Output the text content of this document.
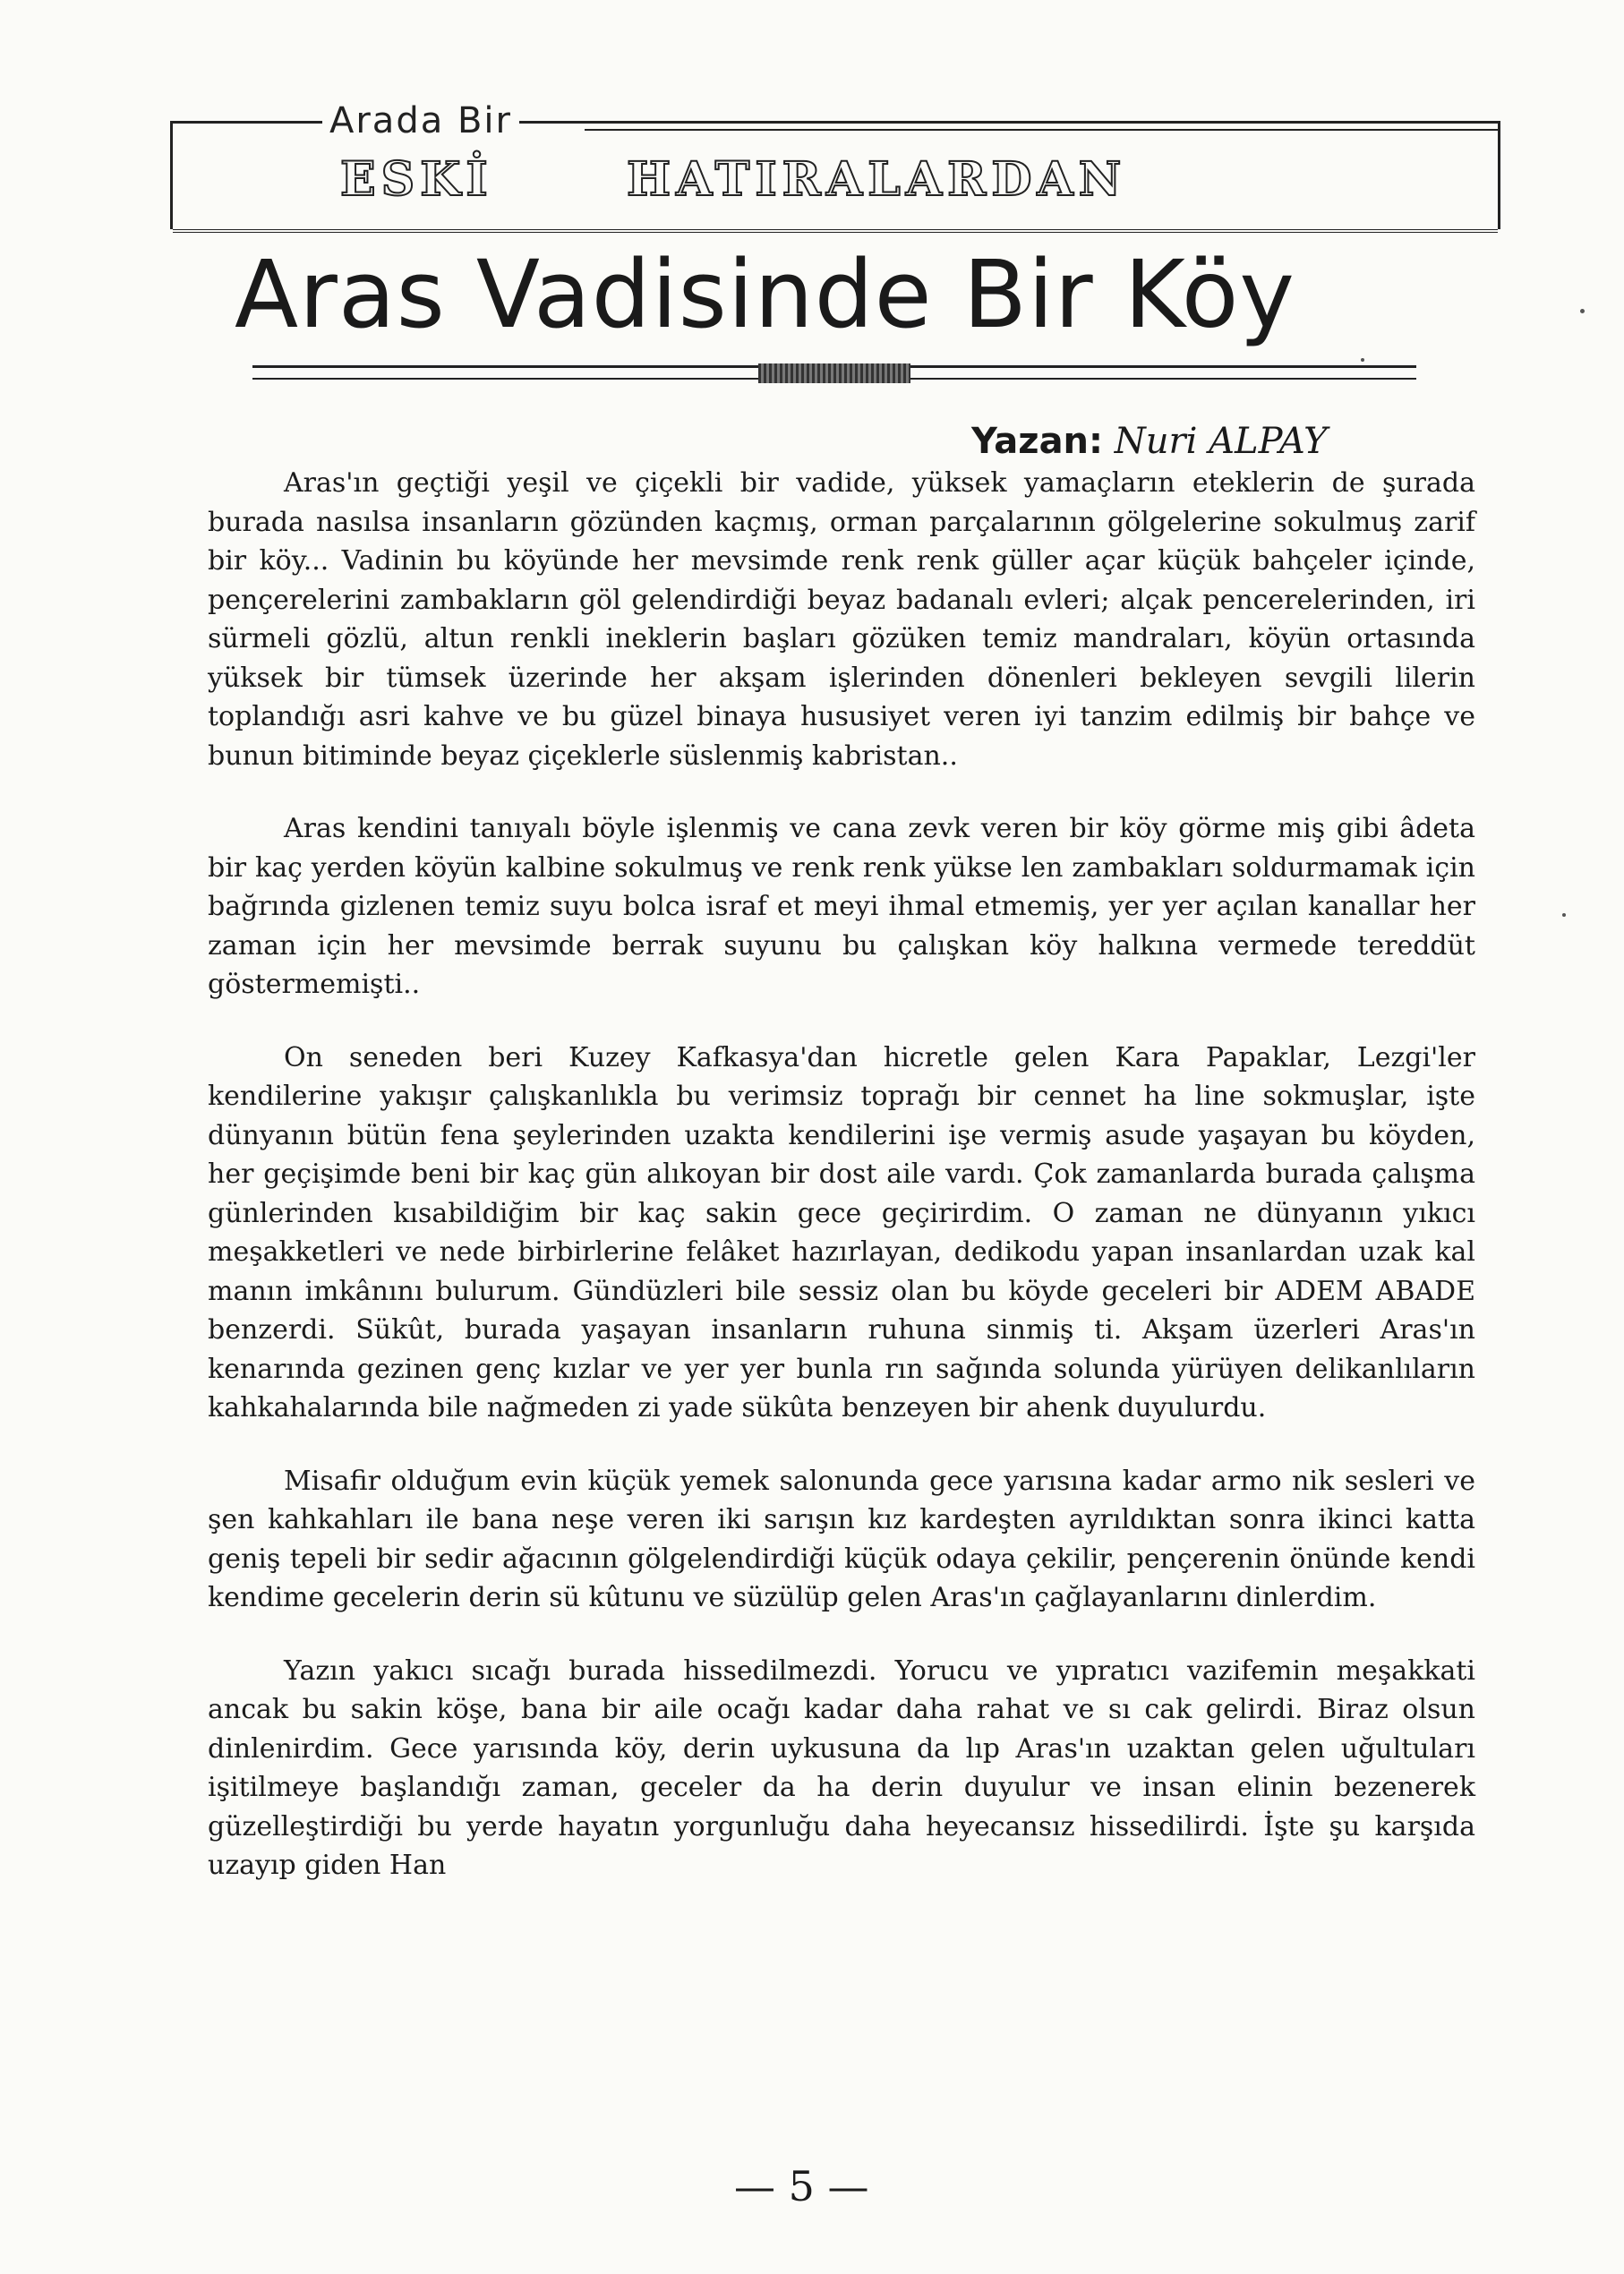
Arada Bir
ESKİ	HATIRALARDAN
Aras Vadisinde Bir Köy
Yazan: Nuri ALPAY

Aras'ın geçtiği yeşil ve çiçekli bir vadide, yüksek yamaçların eteklerin de şurada burada nasılsa insanların gözünden kaçmış, orman parçalarının gölgelerine sokulmuş zarif bir köy... Vadinin bu köyünde her mevsimde renk renk güller açar küçük bahçeler içinde, pençerelerini zambakların göl gelendirdiği beyaz badanalı evleri; alçak pencerelerinden, iri sürmeli gözlü, altun renkli ineklerin başları gözüken temiz mandraları, köyün ortasında yüksek bir tümsek üzerinde her akşam işlerinden dönenleri bekleyen sevgili lilerin toplandığı asri kahve ve bu güzel binaya hususiyet veren iyi tanzim edilmiş bir bahçe ve bunun bitiminde beyaz çiçeklerle süslenmiş kabristan..

Aras kendini tanıyalı böyle işlenmiş ve cana zevk veren bir köy görme miş gibi âdeta bir kaç yerden köyün kalbine sokulmuş ve renk renk yükse len zambakları soldurmamak için bağrında gizlenen temiz suyu bolca israf et meyi ihmal etmemiş, yer yer açılan kanallar her zaman için her mevsimde berrak suyunu bu çalışkan köy halkına vermede tereddüt göstermemişti..

On seneden beri Kuzey Kafkasya'dan hicretle gelen Kara Papaklar, Lezgi'ler kendilerine yakışır çalışkanlıkla bu verimsiz toprağı bir cennet ha line sokmuşlar, işte dünyanın bütün fena şeylerinden uzakta kendilerini işe vermiş asude yaşayan bu köyden, her geçişimde beni bir kaç gün alıkoyan bir dost aile vardı. Çok zamanlarda burada çalışma günlerinden kısabildiğim bir kaç sakin gece geçirirdim. O zaman ne dünyanın yıkıcı meşakketleri ve nede birbirlerine felâket hazırlayan, dedikodu yapan insanlardan uzak kal manın imkânını bulurum. Gündüzleri bile sessiz olan bu köyde geceleri bir ADEM ABADE benzerdi. Sükût, burada yaşayan insanların ruhuna sinmiş ti. Akşam üzerleri Aras'ın kenarında gezinen genç kızlar ve yer yer bunla rın sağında solunda yürüyen delikanlıların kahkahalarında bile nağmeden zi yade sükûta benzeyen bir ahenk duyulurdu.

Misafir olduğum evin küçük yemek salonunda gece yarısına kadar armo nik sesleri ve şen kahkahları ile bana neşe veren iki sarışın kız kardeşten ayrıldıktan sonra ikinci katta geniş tepeli bir sedir ağacının gölgelendirdiği küçük odaya çekilir, pençerenin önünde kendi kendime gecelerin derin sü kûtunu ve süzülüp gelen Aras'ın çağlayanlarını dinlerdim.

Yazın yakıcı sıcağı burada hissedilmezdi. Yorucu ve yıpratıcı vazifemin meşakkati ancak bu sakin köşe, bana bir aile ocağı kadar daha rahat ve sı cak gelirdi. Biraz olsun dinlenirdim. Gece yarısında köy, derin uykusuna da lıp Aras'ın uzaktan gelen uğultuları işitilmeye başlandığı zaman, geceler da ha derin duyulur ve insan elinin bezenerek güzelleştirdiği bu yerde hayatın yorgunluğu daha heyecansız hissedilirdi. İşte şu karşıda uzayıp giden Han

— 5 —
